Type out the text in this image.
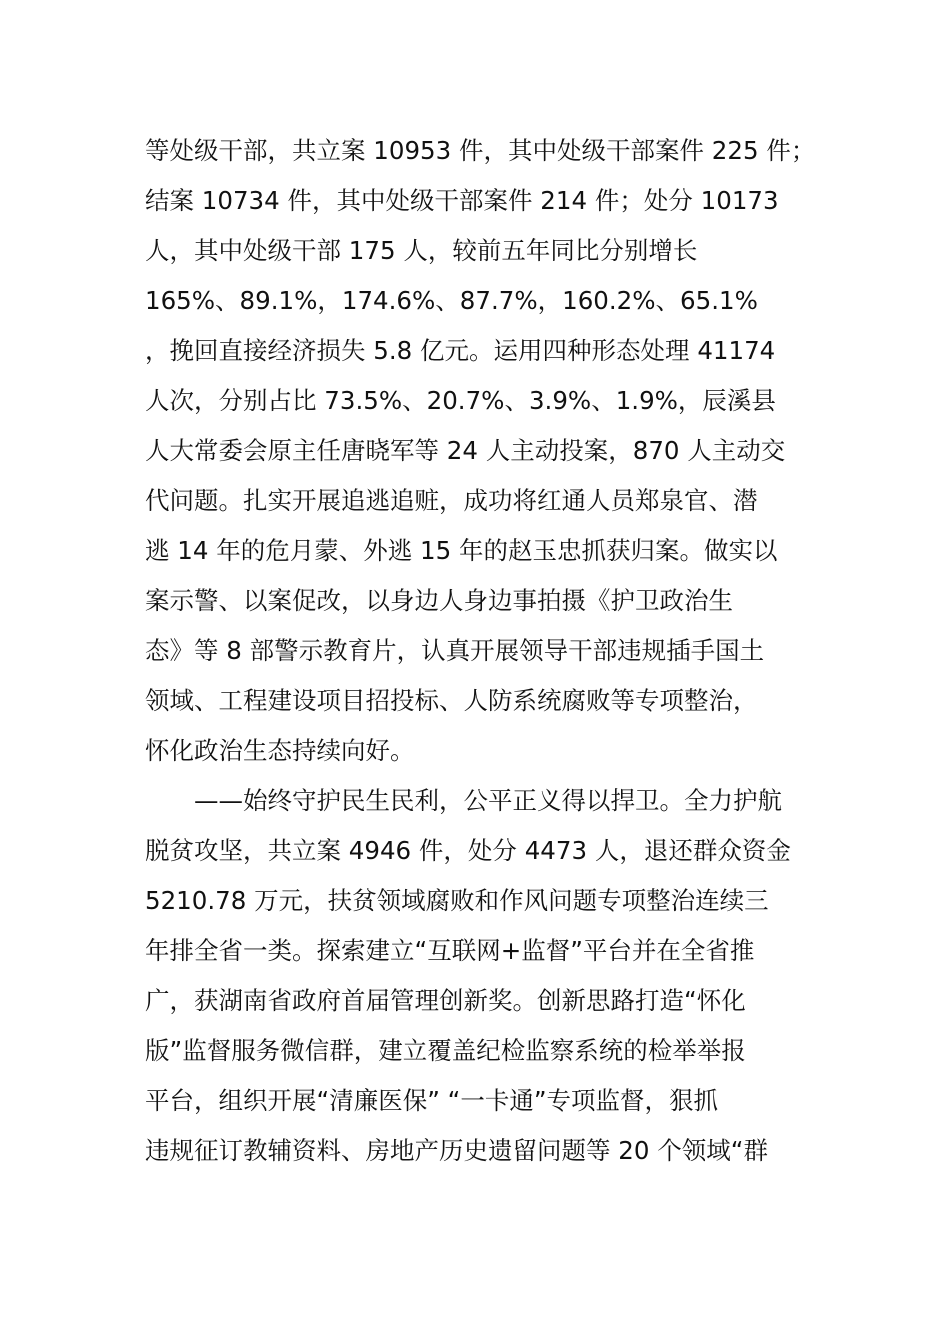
等处级干部，共立案 10953 件，其中处级干部案件 225 件；
结案 10734 件，其中处级干部案件 214 件；处分 10173
人，其中处级干部 175 人，较前五年同比分别增长
165%、89.1%，174.6%、87.7%，160.2%、65.1%
，挽回直接经济损失 5.8 亿元。运用四种形态处理 41174
人次，分别占比 73.5%、20.7%、3.9%、1.9%，辰溪县
人大常委会原主任唐晓军等 24 人主动投案，870 人主动交
代问题。扎实开展追逃追赃，成功将红通人员郑泉官、潜
逃 14 年的危月蒙、外逃 15 年的赵玉忠抓获归案。做实以
案示警、以案促改，以身边人身边事拍摄《护卫政治生
态》等 8 部警示教育片，认真开展领导干部违规插手国土
领域、工程建设项目招投标、人防系统腐败等专项整治，
怀化政治生态持续向好。
　　——始终守护民生民利，公平正义得以捍卫。全力护航
脱贫攻坚，共立案 4946 件，处分 4473 人，退还群众资金
5210.78 万元，扶贫领域腐败和作风问题专项整治连续三
年排全省一类。探索建立“互联网+监督”平台并在全省推
广，获湖南省政府首届管理创新奖。创新思路打造“怀化
版”监督服务微信群，建立覆盖纪检监察系统的检举举报
平台，组织开展“清廉医保” “一卡通”专项监督，狠抓
违规征订教辅资料、房地产历史遗留问题等 20 个领域“群
